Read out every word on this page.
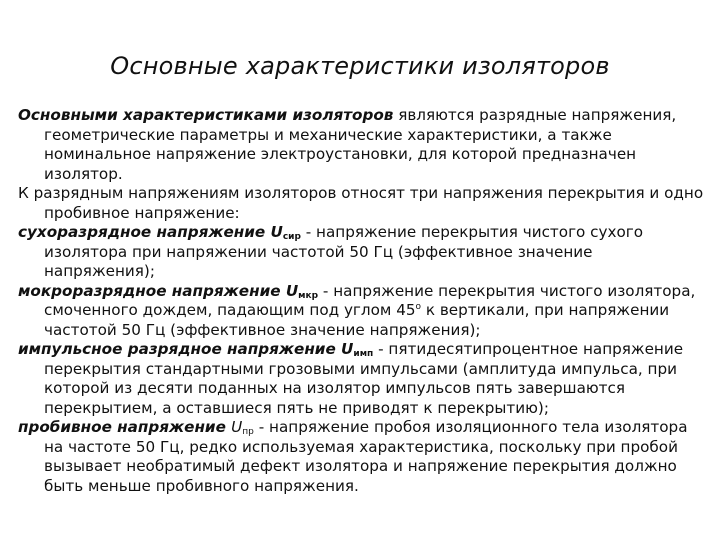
Основные характеристики изоляторов

Основными характеристиками изоляторов являются разрядные напряжения, геометрические параметры и механические характеристики, а также номинальное напряжение электроустановки, для которой предназначен изолятор.

К разрядным напряжениям изоляторов относят три напряжения перекрытия и одно пробивное напряжение:

сухоразрядное напряжение $U_{сир}$ - напряжение перекрытия чистого сухого изолятора при напряжении частотой 50 Гц (эффективное значение напряжения);

мокроразрядное напряжение $U_{мкр}$ - напряжение перекрытия чистого изолятора, смоченного дождем, падающим под углом $45^о$ к вертикали, при напряжении частотой 50 Гц (эффективное значение напряжения);

импульсное разрядное напряжение $U_{имп}$ - пятидесятипроцентное напряжение перекрытия стандартными грозовыми импульсами (амплитуда импульса, при которой из десяти поданных на изолятор импульсов пять завершаются перекрытием, а оставшиеся пять не приводят к перекрытию);

пробивное напряжение $U_{пр}$ - напряжение пробоя изоляционного тела изолятора на частоте 50 Гц, редко используемая характеристика, поскольку при пробой вызывает необратимый дефект изолятора и напряжение перекрытия должно быть меньше пробивного напряжения.
